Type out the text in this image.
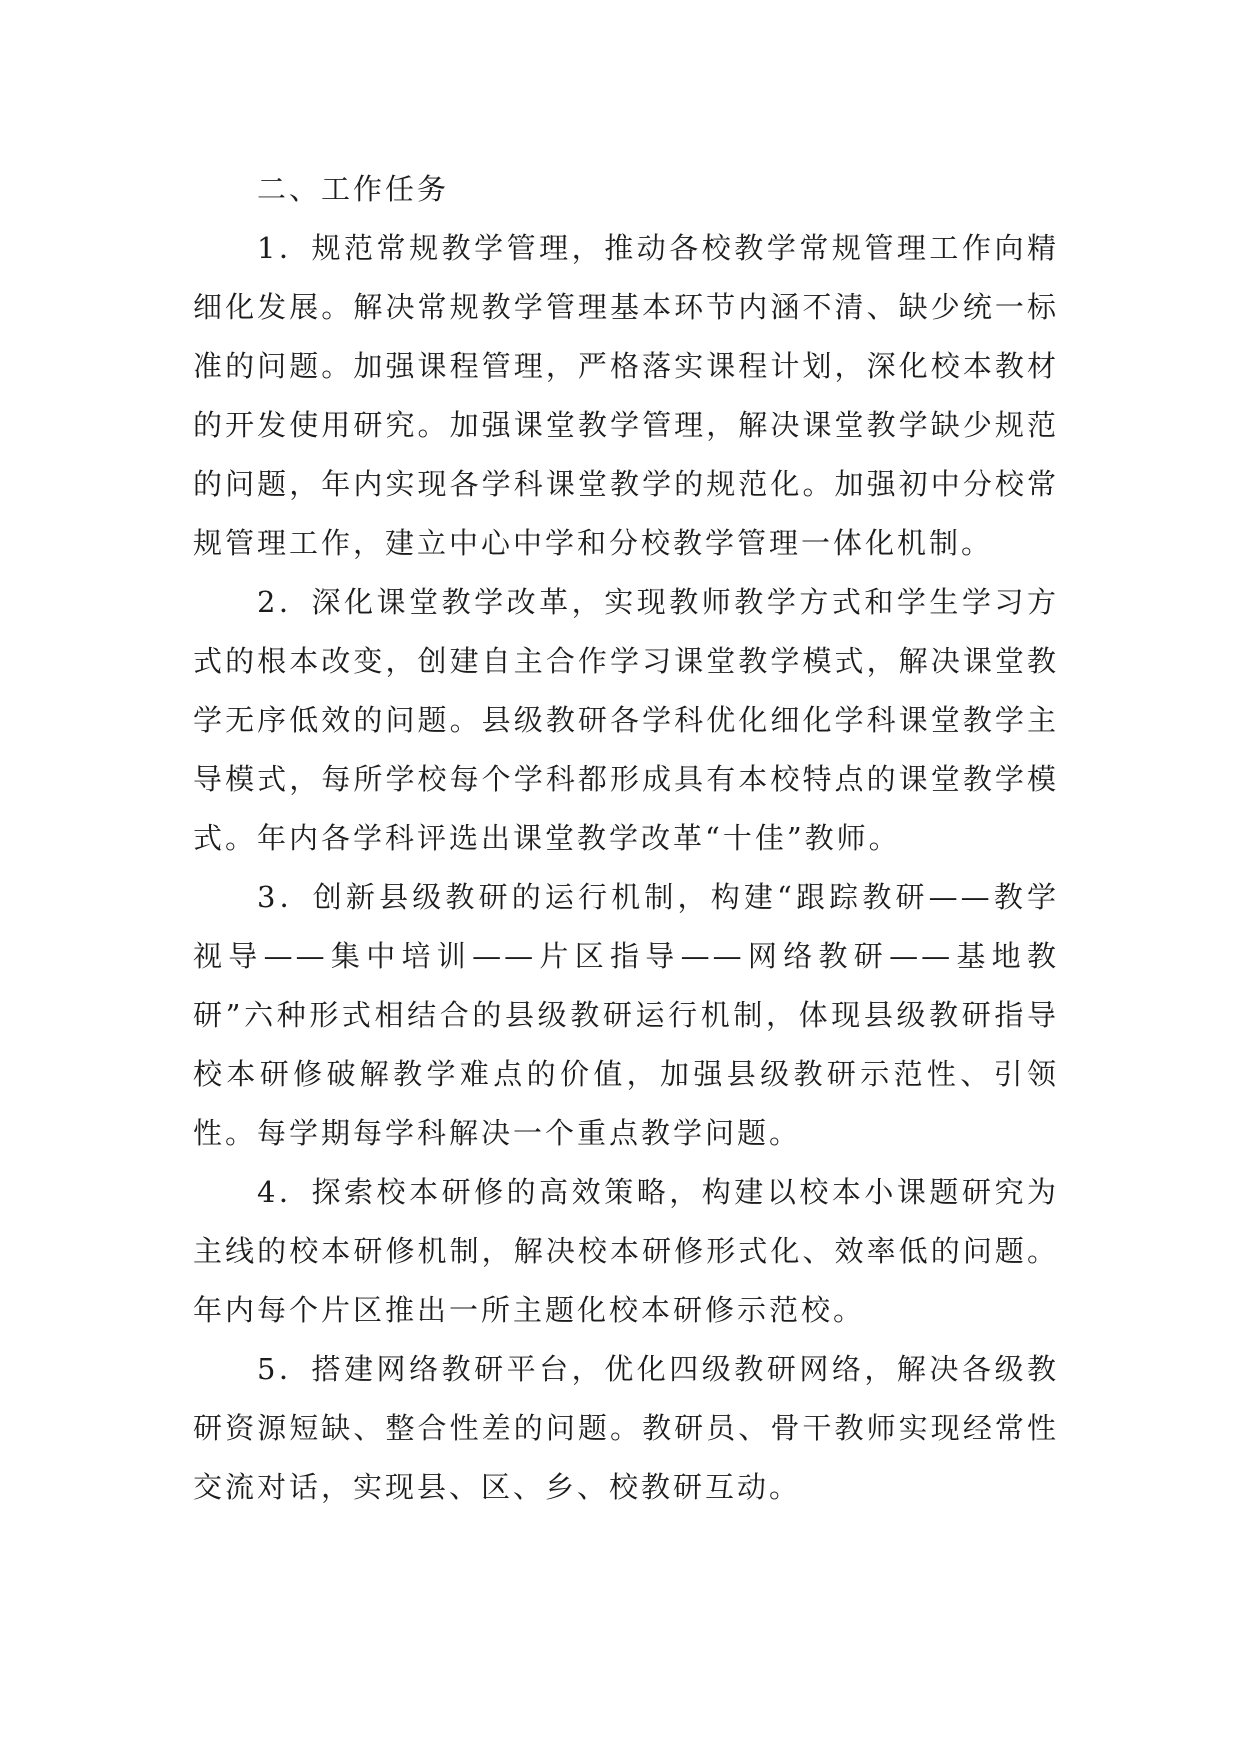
二、工作任务

1．规范常规教学管理，推动各校教学常规管理工作向精细化发展。解决常规教学管理基本环节内涵不清、缺少统一标准的问题。加强课程管理，严格落实课程计划，深化校本教材的开发使用研究。加强课堂教学管理，解决课堂教学缺少规范的问题，年内实现各学科课堂教学的规范化。加强初中分校常规管理工作，建立中心中学和分校教学管理一体化机制。

2．深化课堂教学改革，实现教师教学方式和学生学习方式的根本改变，创建自主合作学习课堂教学模式，解决课堂教学无序低效的问题。县级教研各学科优化细化学科课堂教学主导模式，每所学校每个学科都形成具有本校特点的课堂教学模式。年内各学科评选出课堂教学改革“十佳”教师。

3．创新县级教研的运行机制，构建“跟踪教研——教学视导——集中培训——片区指导——网络教研——基地教研”六种形式相结合的县级教研运行机制，体现县级教研指导校本研修破解教学难点的价值，加强县级教研示范性、引领性。每学期每学科解决一个重点教学问题。

4．探索校本研修的高效策略，构建以校本小课题研究为主线的校本研修机制，解决校本研修形式化、效率低的问题。年内每个片区推出一所主题化校本研修示范校。

5．搭建网络教研平台，优化四级教研网络，解决各级教研资源短缺、整合性差的问题。教研员、骨干教师实现经常性交流对话，实现县、区、乡、校教研互动。
